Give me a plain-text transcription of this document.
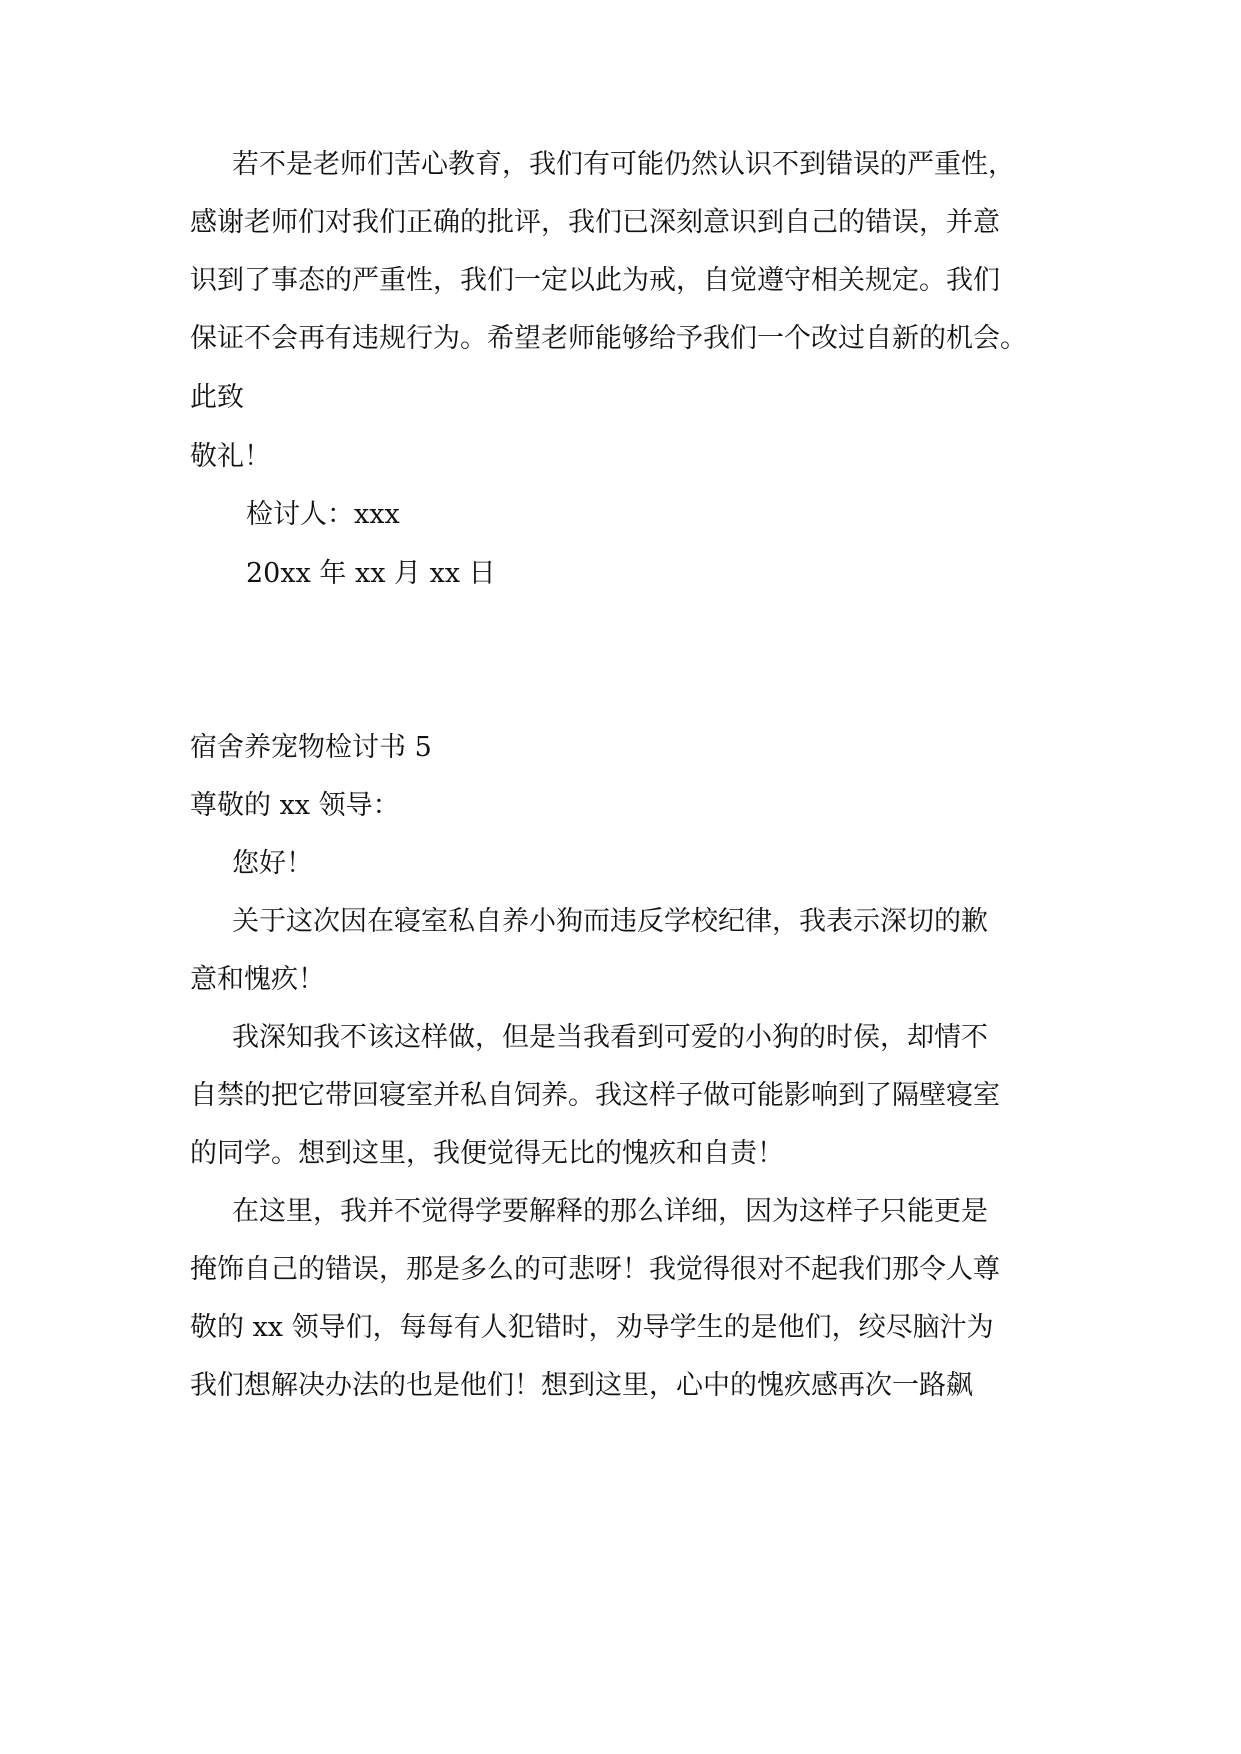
若不是老师们苦心教育，我们有可能仍然认识不到错误的严重性，
感谢老师们对我们正确的批评，我们已深刻意识到自己的错误，并意
识到了事态的严重性，我们一定以此为戒，自觉遵守相关规定。我们
保证不会再有违规行为。希望老师能够给予我们一个改过自新的机会。
此致
敬礼！
检讨人：xxx
20xx 年 xx 月 xx 日
宿舍养宠物检讨书 5
尊敬的 xx 领导：
您好！
关于这次因在寝室私自养小狗而违反学校纪律，我表示深切的歉
意和愧疚！
我深知我不该这样做，但是当我看到可爱的小狗的时侯，却情不
自禁的把它带回寝室并私自饲养。我这样子做可能影响到了隔壁寝室
的同学。想到这里，我便觉得无比的愧疚和自责！
在这里，我并不觉得学要解释的那么详细，因为这样子只能更是
掩饰自己的错误，那是多么的可悲呀！我觉得很对不起我们那令人尊
敬的 xx 领导们，每每有人犯错时，劝导学生的是他们，绞尽脑汁为
我们想解决办法的也是他们！想到这里，心中的愧疚感再次一路飙
